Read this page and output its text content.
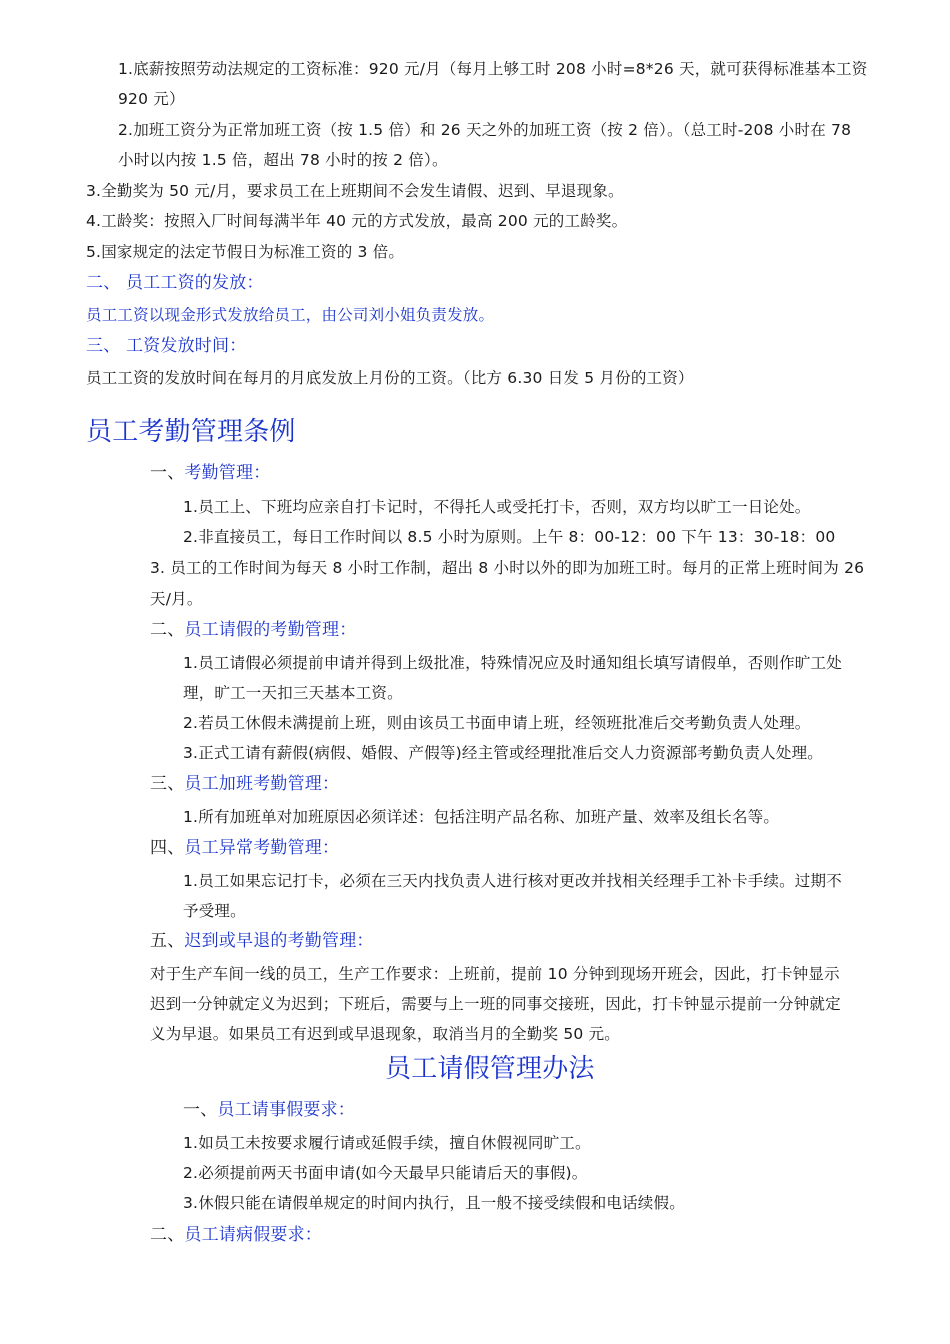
1.底薪按照劳动法规定的工资标准：920 元/月（每月上够工时 208 小时=8*26 天，就可获得标准基本工资
920 元）
2.加班工资分为正常加班工资（按 1.5 倍）和 26 天之外的加班工资（按 2 倍）。（总工时-208 小时在 78
小时以内按 1.5 倍，超出 78 小时的按 2 倍）。
3.全勤奖为 50 元/月，要求员工在上班期间不会发生请假、迟到、早退现象。
4.工龄奖：按照入厂时间每满半年 40 元的方式发放，最高 200 元的工龄奖。
5.国家规定的法定节假日为标准工资的 3 倍。
二、 员工工资的发放：
员工工资以现金形式发放给员工，由公司刘小姐负责发放。
三、 工资发放时间：
员工工资的发放时间在每月的月底发放上月份的工资。（比方 6.30 日发 5 月份的工资）
员工考勤管理条例
一、考勤管理：
1.员工上、下班均应亲自打卡记时，不得托人或受托打卡，否则，双方均以旷工一日论处。
2.非直接员工，每日工作时间以 8.5 小时为原则。上午 8：00-12：00 下午 13：30-18：00
3. 员工的工作时间为每天 8 小时工作制，超出 8 小时以外的即为加班工时。每月的正常上班时间为 26
天/月。
二、员工请假的考勤管理：
1.员工请假必须提前申请并得到上级批准，特殊情况应及时通知组长填写请假单，否则作旷工处
理，旷工一天扣三天基本工资。
2.若员工休假未满提前上班，则由该员工书面申请上班，经领班批准后交考勤负责人处理。
3.正式工请有薪假(病假、婚假、产假等)经主管或经理批准后交人力资源部考勤负责人处理。
三、员工加班考勤管理：
1.所有加班单对加班原因必须详述：包括注明产品名称、加班产量、效率及组长名等。
四、员工异常考勤管理：
1.员工如果忘记打卡，必须在三天内找负责人进行核对更改并找相关经理手工补卡手续。过期不
予受理。
五、迟到或早退的考勤管理：
对于生产车间一线的员工，生产工作要求：上班前，提前 10 分钟到现场开班会，因此，打卡钟显示
迟到一分钟就定义为迟到；下班后，需要与上一班的同事交接班，因此，打卡钟显示提前一分钟就定
义为早退。如果员工有迟到或早退现象，取消当月的全勤奖 50 元。
员工请假管理办法
一、员工请事假要求：
1.如员工未按要求履行请或延假手续，擅自休假视同旷工。
2.必须提前两天书面申请(如今天最早只能请后天的事假)。
3.休假只能在请假单规定的时间内执行，且一般不接受续假和电话续假。
二、员工请病假要求：
